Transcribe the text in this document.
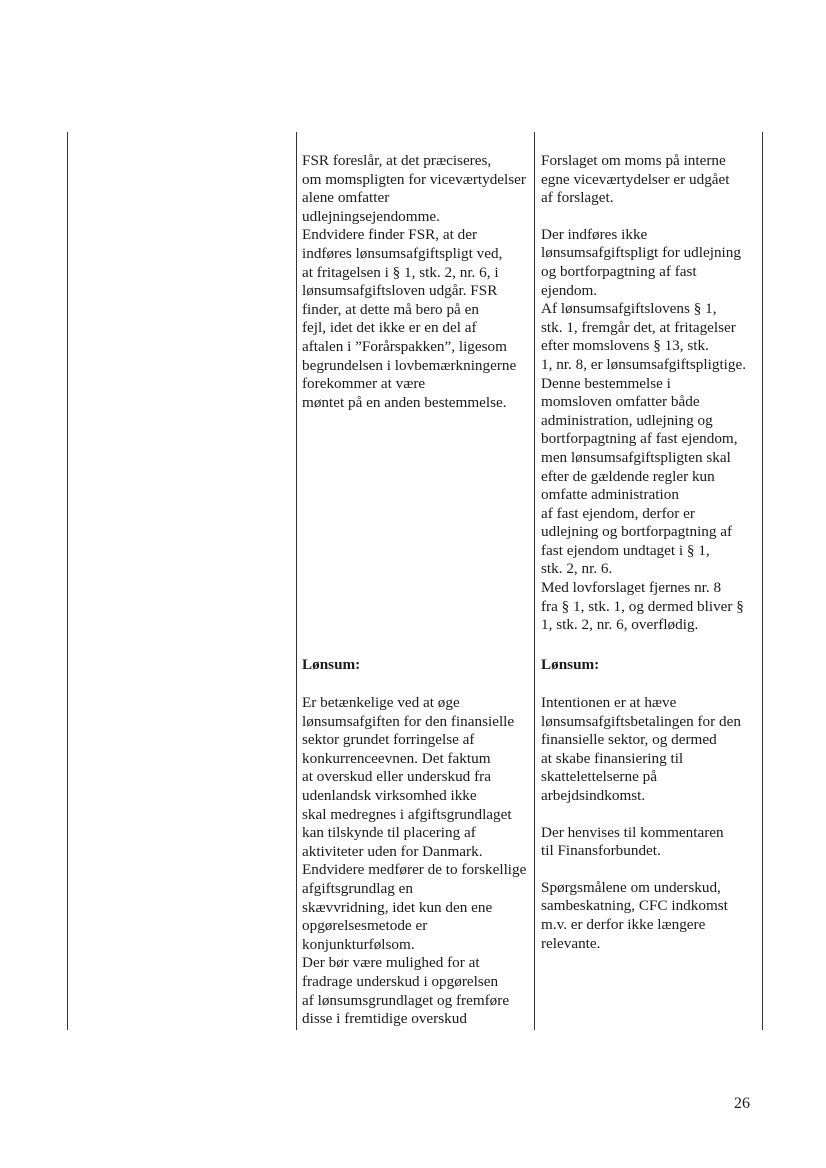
FSR foreslår, at det præciseres,
om momspligten for viceværtydelser alene omfatter udlejningsejendomme.
Endvidere finder FSR, at der
indføres lønsumsafgiftspligt ved,
at fritagelsen i § 1, stk. 2, nr. 6, i
lønsumsafgiftsloven udgår. FSR
finder, at dette må bero på en
fejl, idet det ikke er en del af
aftalen i ”Forårspakken”, ligesom begrundelsen i lovbemærkningerne forekommer at være
møntet på en anden bestemmelse.

Lønsum:

Er betænkelige ved at øge lønsumsafgiften for den finansielle
sektor grundet forringelse af
konkurrenceevnen. Det faktum
at overskud eller underskud fra
udenlandsk virksomhed ikke
skal medregnes i afgiftsgrundlaget kan tilskynde til placering af
aktiviteter uden for Danmark.
Endvidere medfører de to forskellige afgiftsgrundlag en
skævvridning, idet kun den ene
opgørelsesmetode er konjunkturfølsom.
Der bør være mulighed for at
fradrage underskud i opgørelsen
af lønsumsgrundlaget og fremføre disse i fremtidige overskud

Forslaget om moms på interne
egne viceværtydelser er udgået
af forslaget.

Der indføres ikke lønsumsafgiftspligt for udlejning og bortforpagtning af fast ejendom.
Af lønsumsafgiftslovens § 1,
stk. 1, fremgår det, at fritagelser efter momslovens § 13, stk.
1, nr. 8, er lønsumsafgiftspligtige. Denne bestemmelse i
momsloven omfatter både administration, udlejning og
bortforpagtning af fast ejendom, men lønsumsafgiftspligten skal efter de gældende regler kun omfatte administration
af fast ejendom, derfor er udlejning og bortforpagtning af
fast ejendom undtaget i § 1,
stk. 2, nr. 6.
Med lovforslaget fjernes nr. 8
fra § 1, stk. 1, og dermed bliver § 1, stk. 2, nr. 6, overflødig.

Lønsum:

Intentionen er at hæve lønsumsafgiftsbetalingen for den
finansielle sektor, og dermed
at skabe finansiering til skattelettelserne på arbejdsindkomst.

Der henvises til kommentaren
til Finansforbundet.

Spørgsmålene om underskud,
sambeskatning, CFC indkomst
m.v. er derfor ikke længere
relevante.

26
